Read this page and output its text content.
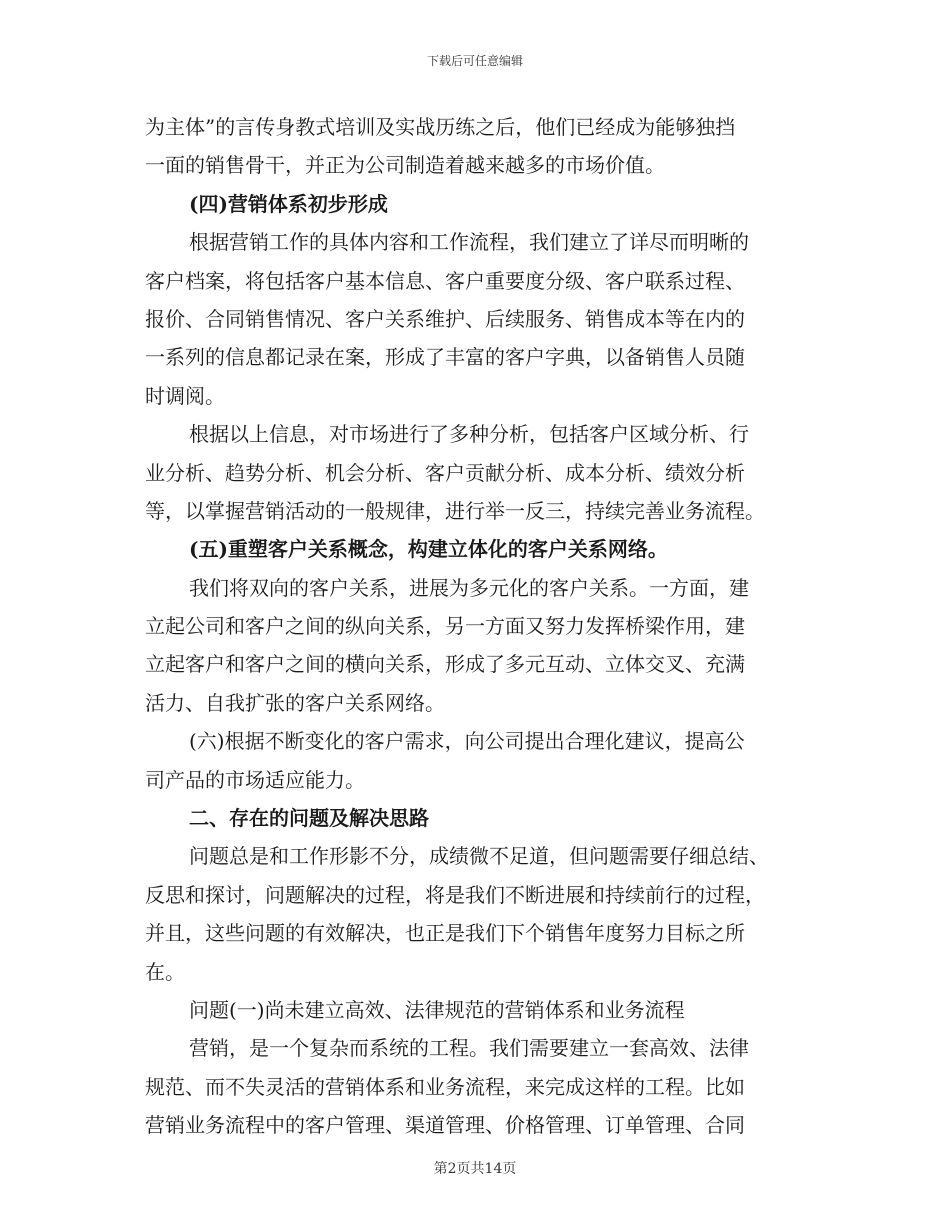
下载后可任意编辑
为主体”的言传身教式培训及实战历练之后，他们已经成为能够独挡
一面的销售骨干，并正为公司制造着越来越多的市场价值。
(四)营销体系初步形成
根据营销工作的具体内容和工作流程，我们建立了详尽而明晰的
客户档案，将包括客户基本信息、客户重要度分级、客户联系过程、
报价、合同销售情况、客户关系维护、后续服务、销售成本等在内的
一系列的信息都记录在案，形成了丰富的客户字典，以备销售人员随
时调阅。
根据以上信息，对市场进行了多种分析，包括客户区域分析、行
业分析、趋势分析、机会分析、客户贡献分析、成本分析、绩效分析
等，以掌握营销活动的一般规律，进行举一反三，持续完善业务流程。
(五)重塑客户关系概念，构建立体化的客户关系网络。
我们将双向的客户关系，进展为多元化的客户关系。一方面，建
立起公司和客户之间的纵向关系，另一方面又努力发挥桥梁作用，建
立起客户和客户之间的横向关系，形成了多元互动、立体交叉、充满
活力、自我扩张的客户关系网络。
(六)根据不断变化的客户需求，向公司提出合理化建议，提高公
司产品的市场适应能力。
二、存在的问题及解决思路
问题总是和工作形影不分，成绩微不足道，但问题需要仔细总结、
反思和探讨，问题解决的过程，将是我们不断进展和持续前行的过程，
并且，这些问题的有效解决，也正是我们下个销售年度努力目标之所
在。
问题(一)尚未建立高效、法律规范的营销体系和业务流程
营销，是一个复杂而系统的工程。我们需要建立一套高效、法律
规范、而不失灵活的营销体系和业务流程，来完成这样的工程。比如
营销业务流程中的客户管理、渠道管理、价格管理、订单管理、合同
第2页共14页
